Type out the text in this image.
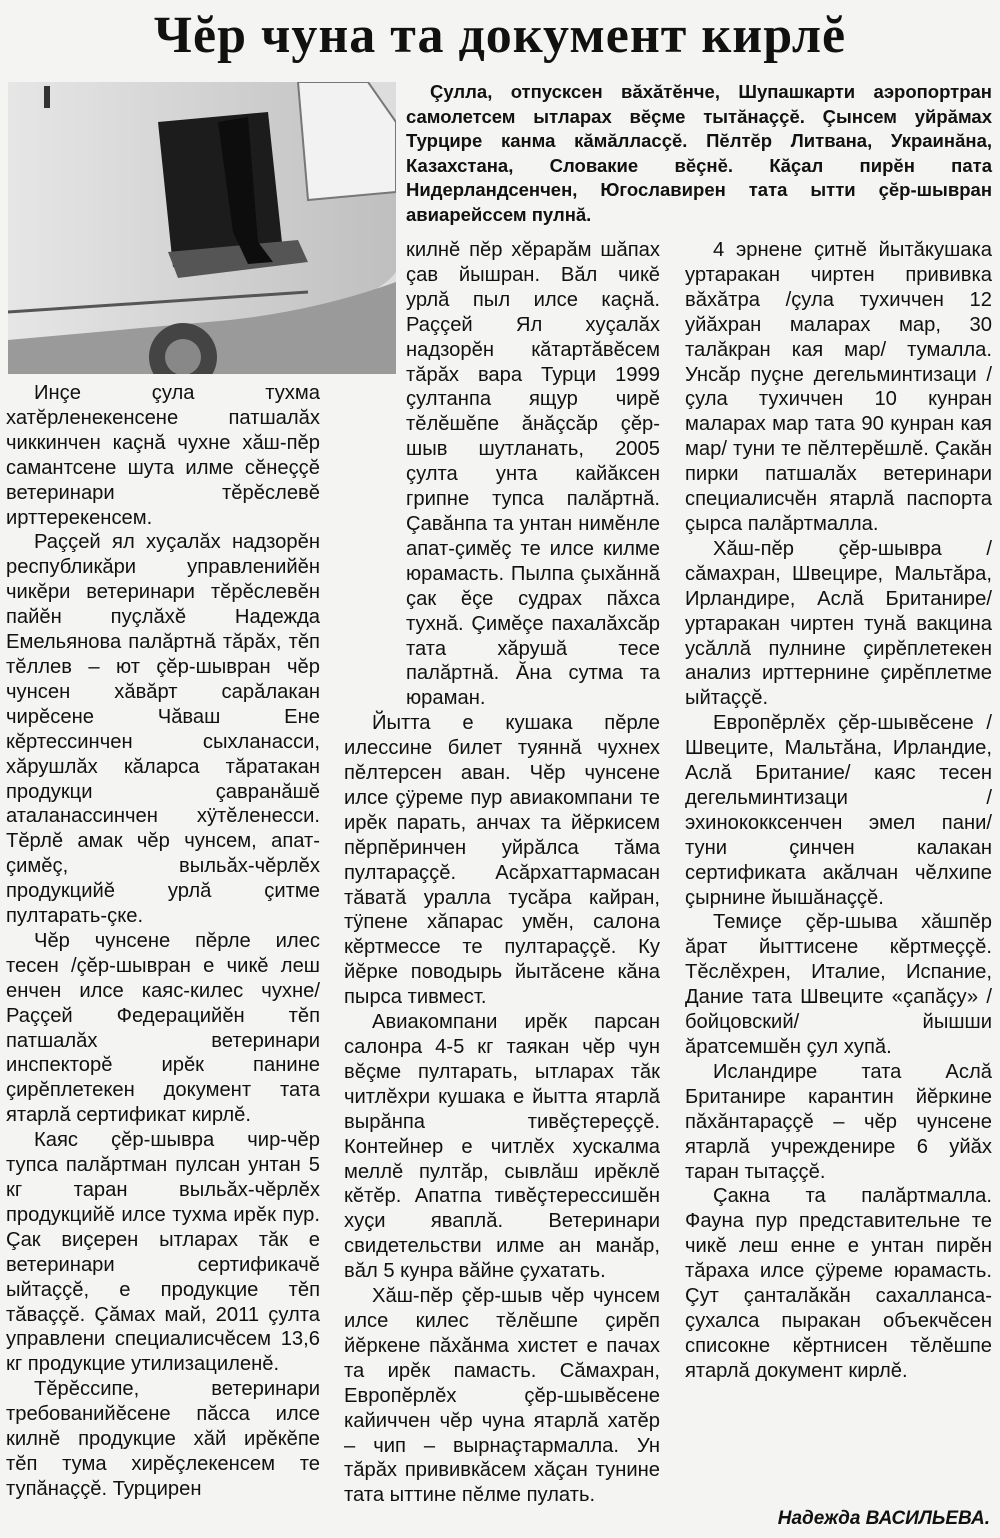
Чĕр чуна та документ кирлĕ

Çулла, отпусксен вăхăтĕнче, Шупашкарти аэропортран самолетсем ытларах вĕçме тытăнаççĕ. Çынсем уйрăмах Турцире канма кăмăлласçĕ. Пĕлтĕр Литвана, Украинăна, Казахстана, Словакие вĕçнĕ. Кăçал пирĕн пата Нидерландсенчен, Югославирен тата ытти çĕр-шывран авиарейссем пулнă.

Инçе çула тухма хатĕрленекенсене патшалăх чиккинчен каçнă чухне хăш-пĕр самантсене шута илме сĕнеççĕ ветеринари тĕрĕслевĕ ирттерекенсем.

Раççей ял хуçалăх надзорĕн республикăри управленийĕн чикĕри ветеринари тĕрĕслевĕн пайĕн пуçлăхĕ Надежда Емельянова палăртнă тăрăх, тĕп тĕллев – ют çĕр-шывран чĕр чунсен хăвăрт сарăлакан чирĕсене Чăваш Ене кĕртессинчен сыхланасси, хăрушлăх кăларса тăратакан продукци çавранăшĕ аталанассинчен хÿтĕленесси. Тĕрлĕ амак чĕр чунсем, апат-çимĕç, выльăх-чĕрлĕх продукцийĕ урлă çитме пултарать-çке.

Чĕр чунсене пĕрле илес тесен /çĕр-шывран е чикĕ леш енчен илсе каяс-килес чухне/ Раççей Федерацийĕн тĕп патшалăх ветеринари инспекторĕ ирĕк панине çирĕплетекен документ тата ятарлă сертификат кирлĕ.

Каяс çĕр-шывра чир-чĕр тупса палăртман пулсан унтан 5 кг таран выльăх-чĕрлĕх продукцийĕ илсе тухма ирĕк пур. Çак виçерен ытларах тăк е ветеринари сертификачĕ ыйтаççĕ, е продукцие тĕп тăваççĕ. Çăмах май, 2011 çулта управлени специалисчĕсем 13,6 кг продукцие утилизациленĕ.

Тĕрĕссипе, ветеринари требованийĕсене пăсса илсе килнĕ продукцие хăй ирĕкĕпе тĕп тума хирĕçлекенсем те тупăнаççĕ. Турцирен

килнĕ пĕр хĕрарăм шăпах çав йышран. Вăл чикĕ урлă пыл илсе каçнă. Раççей Ял хуçалăх надзорĕн кăтартăвĕсем тăрăх вара Турци 1999 çултанпа ящур чирĕ тĕлĕшĕпе ăнăçсăр çĕр-шыв шутланать, 2005 çулта унта кайăксен грипне тупса палăртнă. Çавăнпа та унтан нимĕнле апат-çимĕç те илсе килме юрамасть. Пылпа çыхăннă çак ĕçе судрах пăхса тухнă. Çимĕçе пахалăхсăр тата хăрушă тесе палăртнă. Ăна сутма та юраман.

Йытта е кушака пĕрле илессине билет туяннă чухнех пĕлтерсен аван. Чĕр чунсене илсе çÿреме пур авиакомпани те ирĕк парать, анчах та йĕркисем пĕрпĕринчен уйрăлса тăма пултараççĕ. Асăрхаттармасан тăватă уралла тусăра кайран, тÿпене хăпарас умĕн, салона кĕртмессе те пултараççĕ. Ку йĕрке поводырь йытăсене кăна пырса тивмест.

Авиакомпани ирĕк парсан салонра 4-5 кг таякан чĕр чун вĕçме пултарать, ытларах тăк читлĕхри кушака е йытта ятарлă вырăнпа тивĕçтереççĕ. Контейнер е читлĕх хускалма меллĕ пултăр, сывлăш ирĕклĕ кĕтĕр. Апатпа тивĕçтерессишĕн хуçи яваплă. Ветеринари свидетельстви илме ан манăр, вăл 5 кунра вăйне çухатать.

Хăш-пĕр çĕр-шыв чĕр чунсем илсе килес тĕлĕшпе çирĕп йĕркене пăхăнма хистет е пачах та ирĕк памасть. Сăмахран, Европĕрлĕх çĕр-шывĕсене кайиччен чĕр чуна ятарлă хатĕр – чип – вырнаçтармалла. Ун тăрăх прививкăсем хăçан тунине тата ыттине пĕлме пулать.

4 эрнене çитнĕ йытăкушака уртаракан чиртен прививка вăхăтра /çула тухиччен 12 уйăхран маларах мар, 30 талăкран кая мар/ тумалла. Унсăр пуçне дегельминтизаци /çула тухиччен 10 кунран маларах мар тата 90 кунран кая мар/ туни те пĕлтерĕшлĕ. Çакăн пирки патшалăх ветеринари специалисчĕн ятарлă паспорта çырса палăртмалла.

Хăш-пĕр çĕр-шывра /сăмахран, Швецире, Мальтăра, Ирландире, Аслă Британире/ уртаракан чиртен тунă вакцина усăллă пулнине çирĕплетекен анализ ирттернине çирĕплетме ыйтаççĕ.

Европĕрлĕх çĕр-шывĕсене /Швеците, Мальтăна, Ирландие, Аслă Британие/ каяс тесен дегельминтизаци /эхинококксенчен эмел пани/ туни çинчен калакан сертификата акăлчан чĕлхипе çырнине йышăнаççĕ.

Темиçе çĕр-шыва хăшпĕр ăрат йыттисене кĕртмеççĕ. Тĕслĕхрен, Италие, Испание, Дание тата Швеците «çапăçу» /бойцовский/ йышши ăратсемшĕн çул хупă.

Исландире тата Аслă Британире карантин йĕркине пăхăнтараççĕ – чĕр чунсене ятарлă учрежденире 6 уйăх таран тытаççĕ.

Çакна та палăртмалла. Фауна пур представительне те чикĕ леш енне е унтан пирĕн тăраха илсе çÿреме юрамасть. Çут çанталăкăн сахалланса-çухалса пыракан объекчĕсен списокне кĕртнисен тĕлĕшпе ятарлă документ кирлĕ.

Надежда ВАСИЛЬЕВА.
